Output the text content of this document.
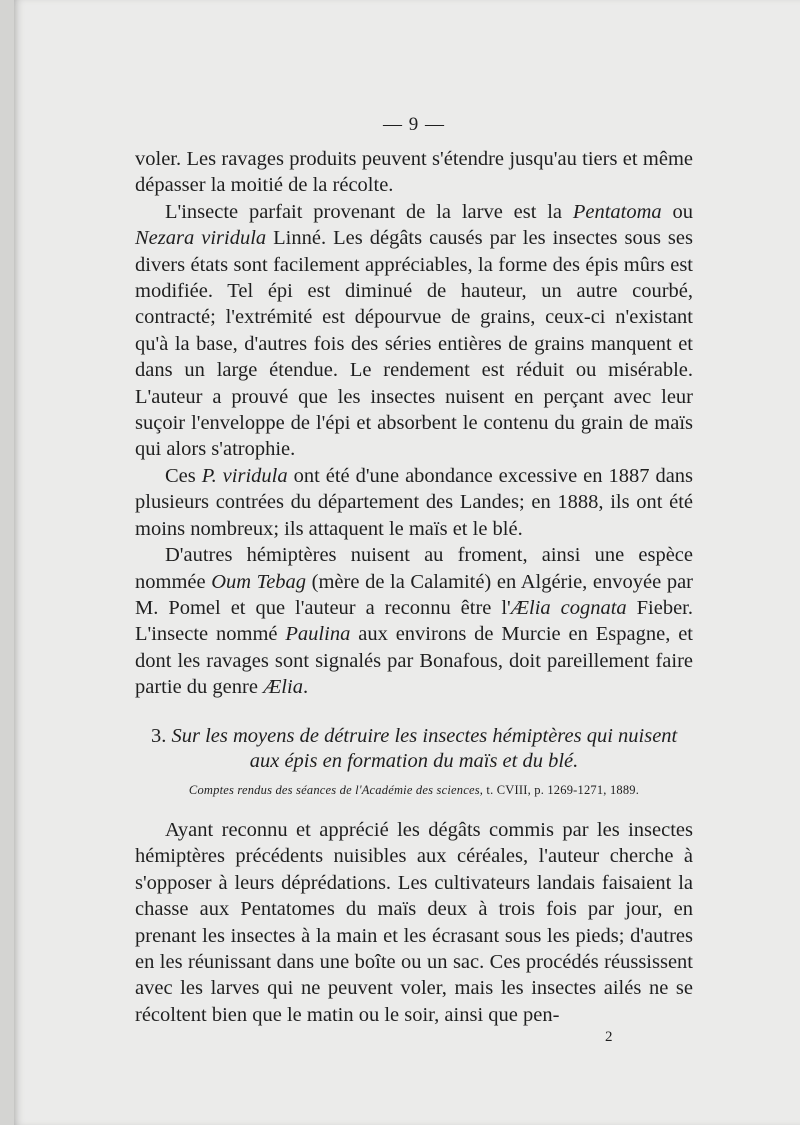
— 9 —

voler. Les ravages produits peuvent s'étendre jusqu'au tiers et même dépasser la moitié de la récolte.

L'insecte parfait provenant de la larve est la Pentatoma ou Nezara viridula Linné. Les dégâts causés par les insectes sous ses divers états sont facilement appréciables, la forme des épis mûrs est modifiée. Tel épi est diminué de hauteur, un autre courbé, contracté; l'extrémité est dépourvue de grains, ceux-ci n'existant qu'à la base, d'autres fois des séries entières de grains manquent et dans un large étendue. Le rendement est réduit ou misérable. L'auteur a prouvé que les insectes nuisent en perçant avec leur suçoir l'enveloppe de l'épi et absorbent le contenu du grain de maïs qui alors s'atrophie.

Ces P. viridula ont été d'une abondance excessive en 1887 dans plusieurs contrées du département des Landes; en 1888, ils ont été moins nombreux; ils attaquent le maïs et le blé.

D'autres hémiptères nuisent au froment, ainsi une espèce nommée Oum Tebag (mère de la Calamité) en Algérie, envoyée par M. Pomel et que l'auteur a reconnu être l'Ælia cognata Fieber. L'insecte nommé Paulina aux environs de Murcie en Espagne, et dont les ravages sont signalés par Bonafous, doit pareillement faire partie du genre Ælia.

3. Sur les moyens de détruire les insectes hémiptères qui nuisent
aux épis en formation du maïs et du blé.
Comptes rendus des séances de l'Académie des sciences, t. CVIII, p. 1269-1271, 1889.

Ayant reconnu et apprécié les dégâts commis par les insectes hémiptères précédents nuisibles aux céréales, l'auteur cherche à s'opposer à leurs déprédations. Les cultivateurs landais faisaient la chasse aux Pentatomes du maïs deux à trois fois par jour, en prenant les insectes à la main et les écrasant sous les pieds; d'autres en les réunissant dans une boîte ou un sac. Ces procédés réussissent avec les larves qui ne peuvent voler, mais les insectes ailés ne se récoltent bien que le matin ou le soir, ainsi que pen-

2
